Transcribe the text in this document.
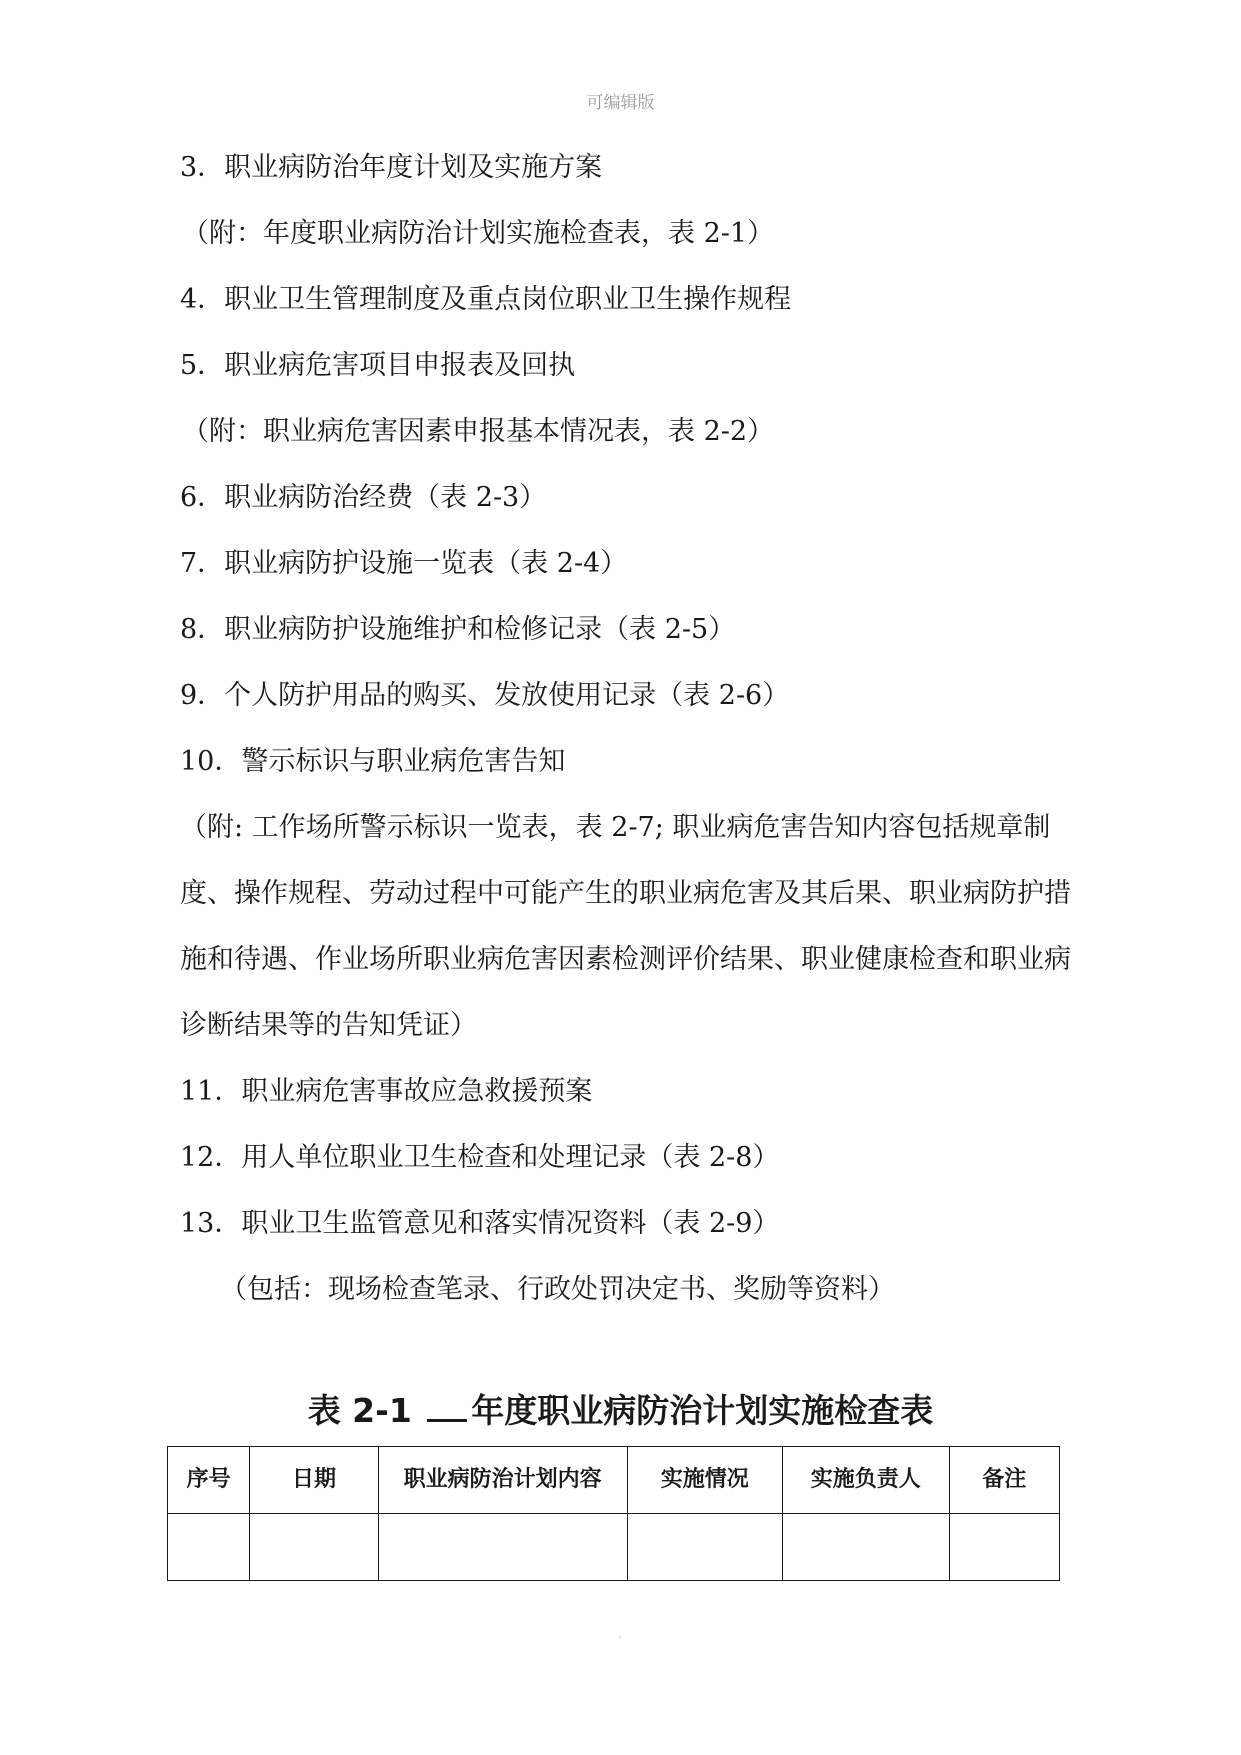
可编辑版
3．职业病防治年度计划及实施方案
（附：年度职业病防治计划实施检查表，表 2-1）
4．职业卫生管理制度及重点岗位职业卫生操作规程
5．职业病危害项目申报表及回执
（附：职业病危害因素申报基本情况表，表 2-2）
6．职业病防治经费（表 2-3）
7．职业病防护设施一览表（表 2-4）
8．职业病防护设施维护和检修记录（表 2-5）
9．个人防护用品的购买、发放使用记录（表 2-6）
10．警示标识与职业病危害告知
（附: 工作场所警示标识一览表，表 2-7; 职业病危害告知内容包括规章制度、操作规程、劳动过程中可能产生的职业病危害及其后果、职业病防护措施和待遇、作业场所职业病危害因素检测评价结果、职业健康检查和职业病诊断结果等的告知凭证）
11．职业病危害事故应急救援预案
12．用人单位职业卫生检查和处理记录（表 2-8）
13．职业卫生监管意见和落实情况资料（表 2-9）
（包括：现场检查笔录、行政处罚决定书、奖励等资料）
表 2-1 年度职业病防治计划实施检查表
序号	日期	职业病防治计划内容	实施情况	实施负责人	备注

.
